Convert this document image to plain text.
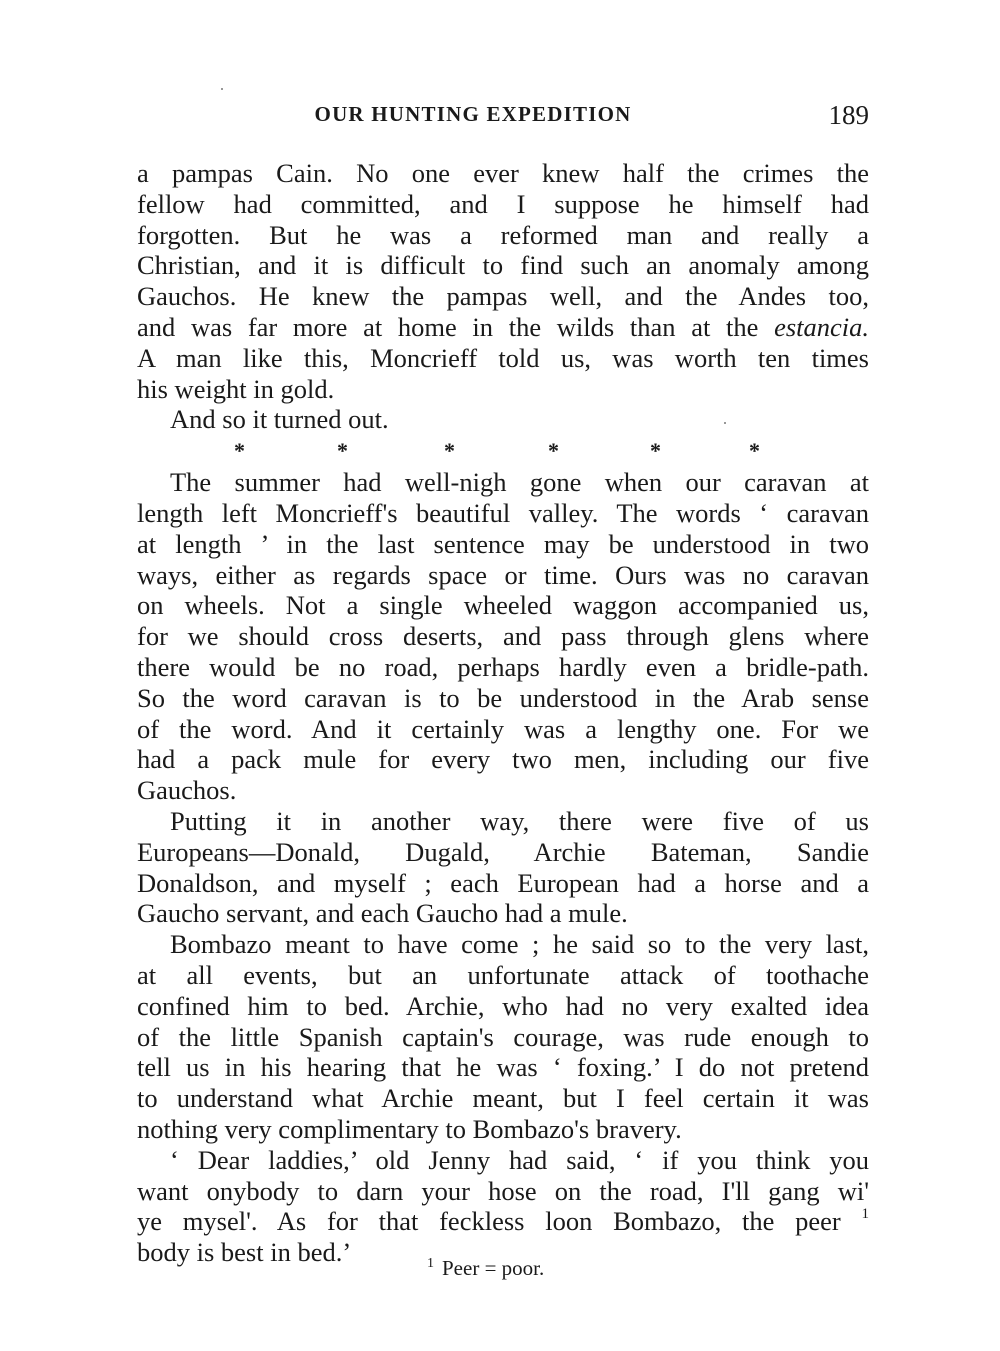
OUR HUNTING EXPEDITION	189
a pampas Cain. No one ever knew half the crimes the
fellow had committed, and I suppose he himself had
forgotten. But he was a reformed man and really a
Christian, and it is difficult to find such an anomaly among
Gauchos. He knew the pampas well, and the Andes too,
and was far more at home in the wilds than at the estancia.
A man like this, Moncrieff told us, was worth ten times
his weight in gold.
And so it turned out.
*	*	*	*	*	*
The summer had well-nigh gone when our caravan at
length left Moncrieff's beautiful valley. The words ‘ caravan
at length ’ in the last sentence may be understood in two
ways, either as regards space or time. Ours was no caravan
on wheels. Not a single wheeled waggon accompanied us,
for we should cross deserts, and pass through glens where
there would be no road, perhaps hardly even a bridle-path.
So the word caravan is to be understood in the Arab sense
of the word. And it certainly was a lengthy one. For we
had a pack mule for every two men, including our five
Gauchos.
Putting it in another way, there were five of us
Europeans—Donald, Dugald, Archie Bateman, Sandie
Donaldson, and myself ; each European had a horse and a
Gaucho servant, and each Gaucho had a mule.
Bombazo meant to have come ; he said so to the very last,
at all events, but an unfortunate attack of toothache
confined him to bed. Archie, who had no very exalted idea
of the little Spanish captain's courage, was rude enough to
tell us in his hearing that he was ‘ foxing.’ I do not pretend
to understand what Archie meant, but I feel certain it was
nothing very complimentary to Bombazo's bravery.
‘ Dear laddies,’ old Jenny had said, ‘ if you think you
want onybody to darn your hose on the road, I'll gang wi'
ye mysel'. As for that feckless loon Bombazo, the peer $^1$
body is best in bed.’	$^1$ Peer = poor.
